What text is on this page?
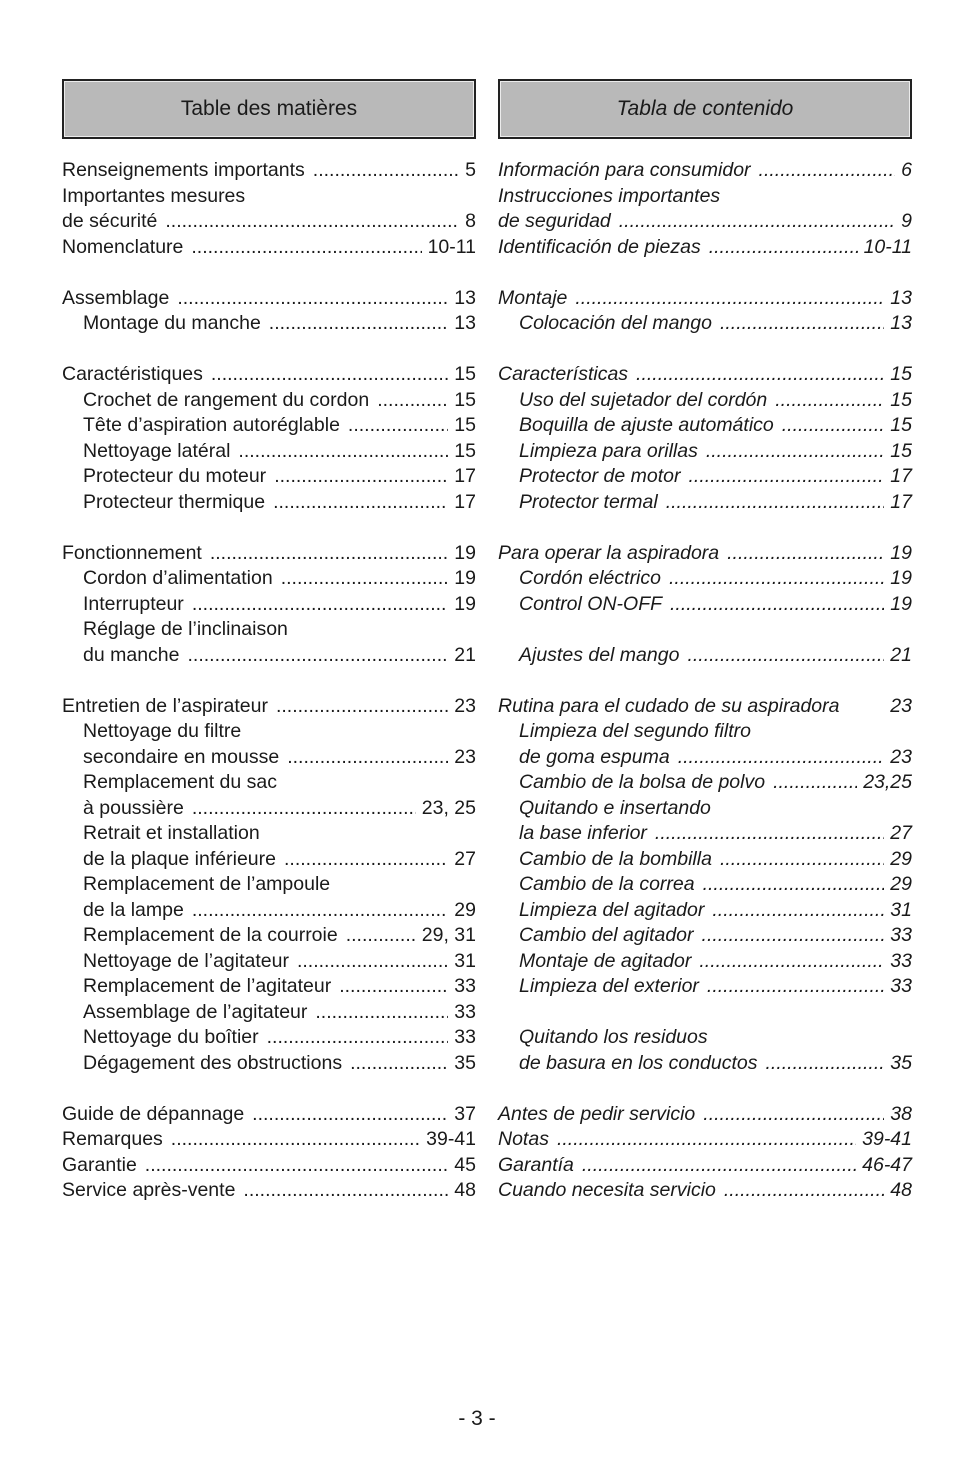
Table des matières
Renseignements importants .....	5
Importantes mesures
de sécurité .....	8
Nomenclature .....	10-11
Assemblage .....	13
Montage du manche .....	13
Caractéristiques .....	15
Crochet de rangement du cordon .....	15
Tête d’aspiration autoréglable .....	15
Nettoyage latéral .....	15
Protecteur du moteur .....	17
Protecteur thermique .....	17
Fonctionnement .....	19
Cordon d’alimentation .....	19
Interrupteur .....	19
Réglage de l’inclinaison
du manche .....	21
Entretien de l’aspirateur .....	23
Nettoyage du filtre
secondaire en mousse .....	23
Remplacement du sac
à poussière .....	23, 25
Retrait et installation
de la plaque inférieure .....	27
Remplacement de l’ampoule
de la lampe .....	29
Remplacement de la courroie .....	29, 31
Nettoyage de l’agitateur .....	31
Remplacement de l’agitateur .....	33
Assemblage de l’agitateur .....	33
Nettoyage du boîtier .....	33
Dégagement des obstructions .....	35
Guide de dépannage .....	37
Remarques .....	39-41
Garantie .....	45
Service après-vente .....	48
Tabla de contenido
Información para consumidor .....	6
Instrucciones importantes
de seguridad .....	9
Identificación de piezas .....	10-11
Montaje .....	13
Colocación del mango .....	13
Características .....	15
Uso del sujetador del cordón .....	15
Boquilla de ajuste automático .....	15
Limpieza para orillas .....	15
Protector de motor .....	17
Protector termal .....	17
Para operar la aspiradora .....	19
Cordón eléctrico .....	19
Control ON-OFF .....	19
Ajustes del mango .....	21
Rutina para el cudado de su aspiradora	23
Limpieza del segundo filtro
de goma espuma .....	23
Cambio de la bolsa de polvo .....	23,25
Quitando e insertando
la base inferior .....	27
Cambio de la bombilla .....	29
Cambio de la correa .....	29
Limpieza del agitador .....	31
Cambio del agitador .....	33
Montaje de agitador .....	33
Limpieza del exterior .....	33
Quitando los residuos
de basura en los conductos .....	35
Antes de pedir servicio .....	38
Notas .....	39-41
Garantía .....	46-47
Cuando necesita servicio .....	48
- 3 -
